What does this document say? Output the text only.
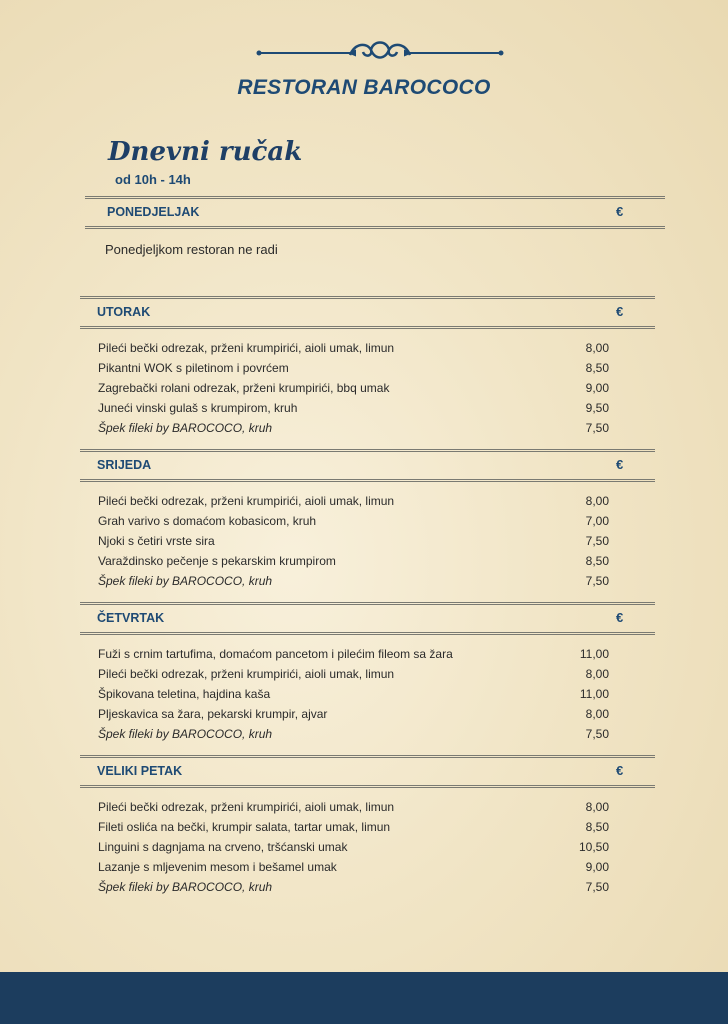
RESTORAN BAROCOCO
Dnevni ručak
od 10h - 14h
PONEDJELJAK	€
Ponedjeljkom restoran ne radi
UTORAK	€
Pileći bečki odrezak, prženi krumpirići, aioli umak, limun	8,00
Pikantni WOK s piletinom i povrćem	8,50
Zagrebački rolani odrezak, prženi krumpirići, bbq umak	9,00
Juneći vinski gulaš s krumpirom, kruh	9,50
Špek fileki by BAROCOCO, kruh	7,50
SRIJEDA	€
Pileći bečki odrezak, prženi krumpirići, aioli umak, limun	8,00
Grah varivo s domaćom kobasicom, kruh	7,00
Njoki s četiri vrste sira	7,50
Varaždinsko pečenje s pekarskim krumpirom	8,50
Špek fileki by BAROCOCO, kruh	7,50
ČETVRTAK	€
Fuži s crnim tartufima, domaćom pancetom i pilećim fileom sa žara	11,00
Pileći bečki odrezak, prženi krumpirići, aioli umak, limun	8,00
Špikovana teletina, hajdina kaša	11,00
Pljeskavica sa žara, pekarski krumpir, ajvar	8,00
Špek fileki by BAROCOCO, kruh	7,50
VELIKI PETAK	€
Pileći bečki odrezak, prženi krumpirići, aioli umak, limun	8,00
Fileti oslića na bečki, krumpir salata, tartar umak, limun	8,50
Linguini s dagnjama na crveno, tršćanski umak	10,50
Lazanje s mljevenim mesom i bešamel umak	9,00
Špek fileki by BAROCOCO, kruh	7,50
